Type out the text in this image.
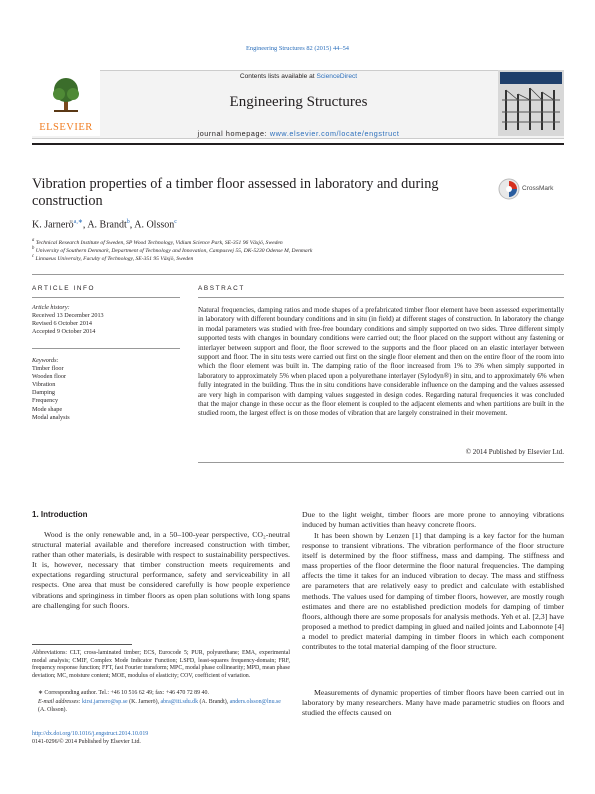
Engineering Structures 82 (2015) 44–54
ELSEVIER
Contents lists available at ScienceDirect
Engineering Structures
journal homepage: www.elsevier.com/locate/engstruct
Vibration properties of a timber floor assessed in laboratory and during construction
CrossMark
K. Jarnerö$^{a,∗}$, A. Brandt$^b$, A. Olsson$^c$
$^a$ Technical Research Institute of Sweden, SP Wood Technology, Vidium Science Park, SE-351 96 Växjö, Sweden
$^b$ University of Southern Denmark, Department of Technology and Innovation, Campusvej 55, DK-5230 Odense M, Denmark
$^c$ Linnaeus University, Faculty of Technology, SE-351 95 Växjö, Sweden
ARTICLE INFO
Article history:
Received 13 December 2013
Revised 6 October 2014
Accepted 9 October 2014
Keywords:
Timber floor
Wooden floor
Vibration
Damping
Frequency
Mode shape
Modal analysis
ABSTRACT
Natural frequencies, damping ratios and mode shapes of a prefabricated timber floor element have been assessed experimentally in laboratory with different boundary conditions and in situ (in field) at different stages of construction. In laboratory the change in modal parameters was studied with free-free boundary conditions and simply supported on two sides. Three different simply supported tests with changes in boundary conditions were carried out; the floor placed on the support without any fastening or interlayer between support and floor, the floor screwed to the supports and the floor placed on an elastic interlayer between support and floor. The in situ tests were carried out first on the single floor element and then on the entire floor of the room into which the floor element was built in. The damping ratio of the floor increased from 1% to 3% when simply supported in laboratory to approximately 5% when placed upon a polyurethane interlayer (Sylodyn®) in situ, and to approximately 6% when fully integrated in the building. Thus the in situ conditions have considerable influence on the damping and the values assessed are very high in comparison with damping values suggested in design codes. Regarding natural frequencies it was concluded that the major change in these occur as the floor element is coupled to the adjacent elements and when partitions are built in the studied room, the largest effect is on those modes of vibration that are largely constrained in their movement.
© 2014 Published by Elsevier Ltd.
1. Introduction
Wood is the only renewable and, in a 50–100-year perspective, CO₂-neutral structural material available and therefore increased construction with timber, rather than other materials, is desirable with respect to sustainability perspectives. It is, however, necessary that timber construction meets requirements and expectations regarding structural performance, safety and serviceability in all respects. One area that must be considered carefully is how people experience vibrations and springiness in timber floors as open plan solutions with long spans are challenging for such floors.
Abbreviations: CLT, cross-laminated timber; ECS, Eurocode 5; PUR, polyurethane; EMA, experimental modal analysis; CMIF, Complex Mode Indicator Function; LSFD, least-squares frequency-domain; FRF, frequency response function; FFT, fast Fourier transform; MPC, modal phase collinearity; MPD, mean phase deviation; MC, moisture content; MOE, modulus of elasticity; COV, coefficient of variation.
∗ Corresponding author. Tel.: +46 10 516 62 49; fax: +46 470 72 89 40.
E-mail addresses: kirsi.jarnero@sp.se (K. Jarnerö), abra@iti.sdu.dk (A. Brandt), anders.olsson@lnu.se (A. Olsson).
http://dx.doi.org/10.1016/j.engstruct.2014.10.019
0141-0296/© 2014 Published by Elsevier Ltd.
Due to the light weight, timber floors are more prone to annoying vibrations induced by human activities than heavy concrete floors.
It has been shown by Lenzen [1] that damping is a key factor for the human response to transient vibrations. The vibration performance of the floor structure itself is determined by the floor stiffness, mass and damping. The stiffness and mass properties of the floor determine the floor natural frequencies. The damping affects the time it takes for an induced vibration to decay. The mass and stiffness are parameters that are relatively easy to predict and calculate with established methods. The values used for damping of timber floors, however, are mostly rough estimates and there are no established prediction models for damping of timber floors, although there are some proposals for analysis methods. Yeh et al. [2,3] have proposed a method to predict damping in glued and nailed joints and Labonnote [4] a model to predict material damping in timber floors in which each component contributes to the total material damping of the floor structure.
Measurements of dynamic properties of timber floors have been carried out in laboratory by many researchers. Many have made parametric studies on floors and studied the effects caused on
